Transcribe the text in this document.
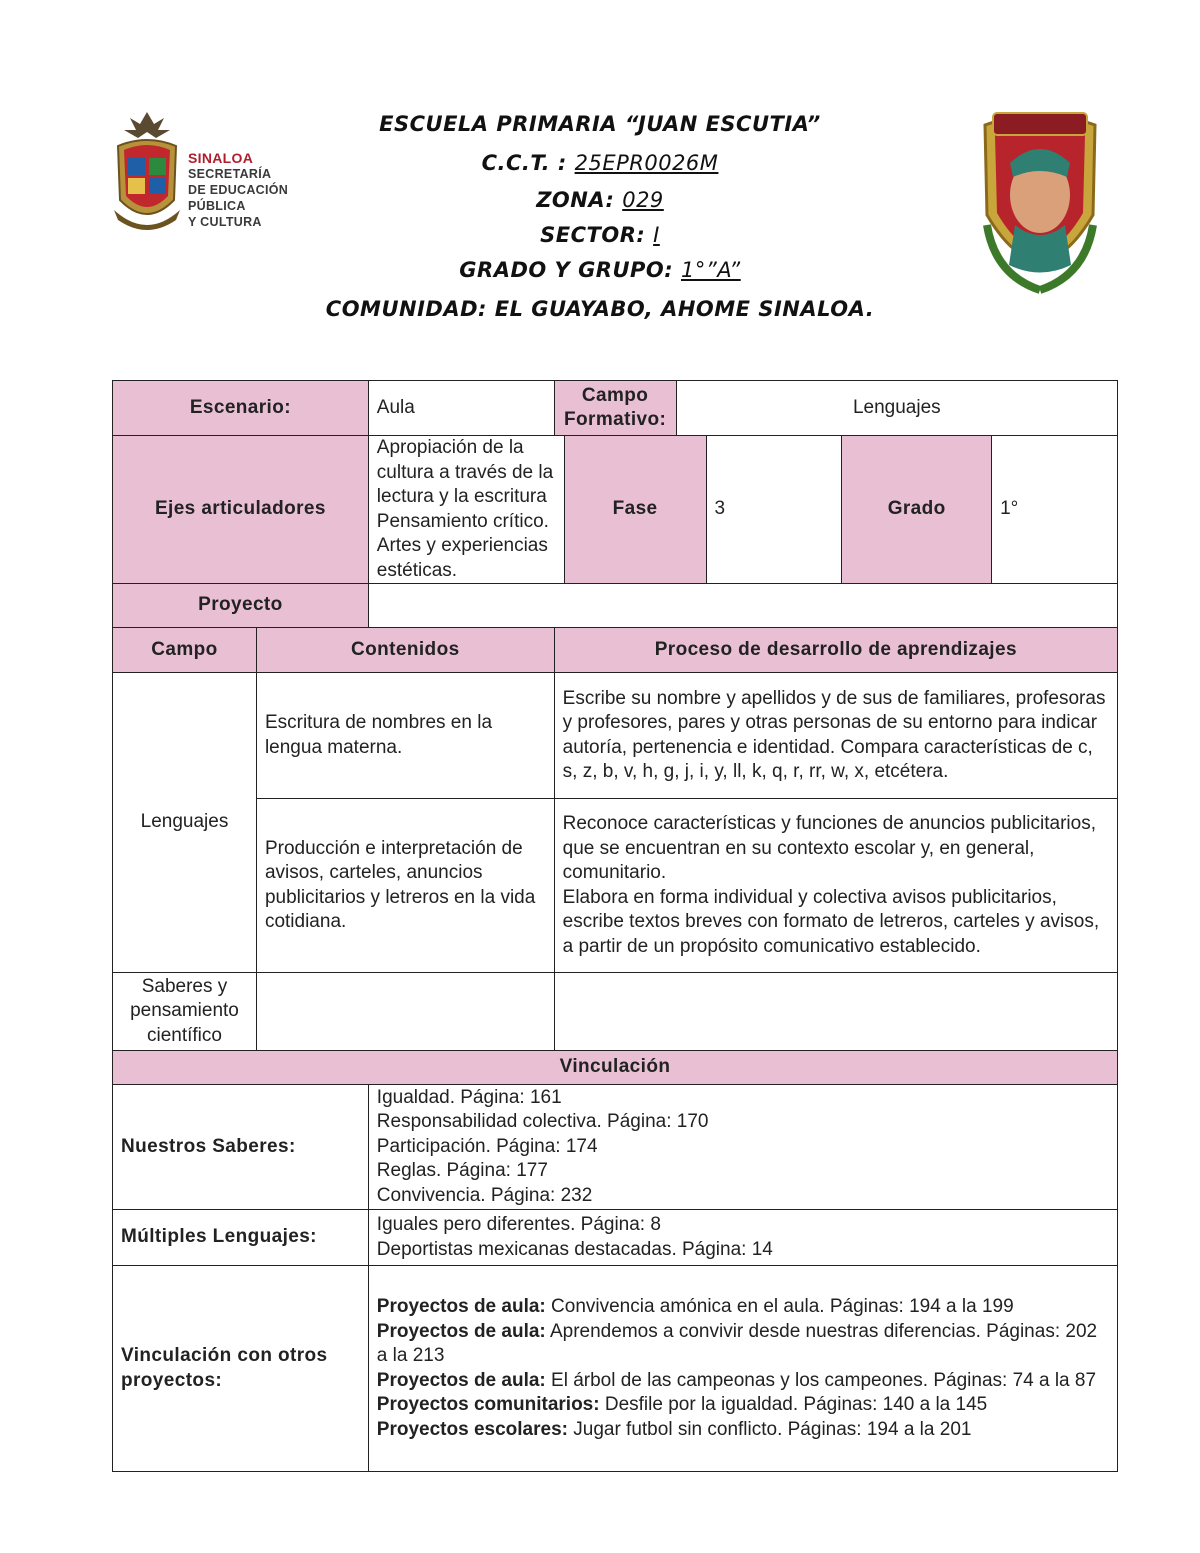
SINALOA
SECRETARÍA
DE EDUCACIÓN PÚBLICA
Y CULTURA
ESCUELA PRIMARIA “JUAN ESCUTIA”
C.C.T. : 25EPR0026M
ZONA: 029
SECTOR: I
GRADO Y GRUPO: 1°”A”
COMUNIDAD: EL GUAYABO, AHOME SINALOA.
Escenario:		Aula	Campo Formativo:		Lenguajes			
Ejes articuladores		Apropiación de la cultura a través de la lectura y la escritura Pensamiento crítico. Artes y experiencias estéticas.		Fase		3	Grado	1°
Proyecto								
Campo	Contenidos		Proceso de desarrollo de aprendizajes					
Lenguajes	Escritura de nombres en la lengua materna.		Escribe su nombre y apellidos y de sus de familiares, profesoras y profesores, pares y otras personas de su entorno para indicar autoría, pertenencia e identidad. Compara características de c, s, z, b, v, h, g, j, i, y, ll, k, q, r, rr, w, x, etcétera.					
	Producción e interpretación de avisos, carteles, anuncios publicitarios y letreros en la vida cotidiana.		Reconoce características y funciones de anuncios publicitarios, que se encuentran en su contexto escolar y, en general, comunitario.
Elabora en forma individual y colectiva avisos publicitarios, escribe textos breves con formato de letreros, carteles y avisos, a partir de un propósito comunicativo establecido.					

Saberes y pensamiento científico								
Vinculación								
Nuestros Saberes:		Igualdad. Página: 161
Responsabilidad colectiva. Página: 170
Participación. Página: 174
Reglas. Página: 177
Convivencia. Página: 232						

Múltiples Lenguajes:		Iguales pero diferentes. Página: 8
Deportistas mexicanas destacadas. Página: 14						

Vinculación con otros proyectos:		Proyectos de aula: Convivencia amónica en el aula. Páginas: 194 a la 199
Proyectos de aula: Aprendemos a convivir desde nuestras diferencias. Páginas: 202 a la 213
Proyectos de aula: El árbol de las campeonas y los campeones. Páginas: 74 a la 87
Proyectos comunitarios: Desfile por la igualdad. Páginas: 140 a la 145
Proyectos escolares: Jugar futbol sin conflicto. Páginas: 194 a la 201						
